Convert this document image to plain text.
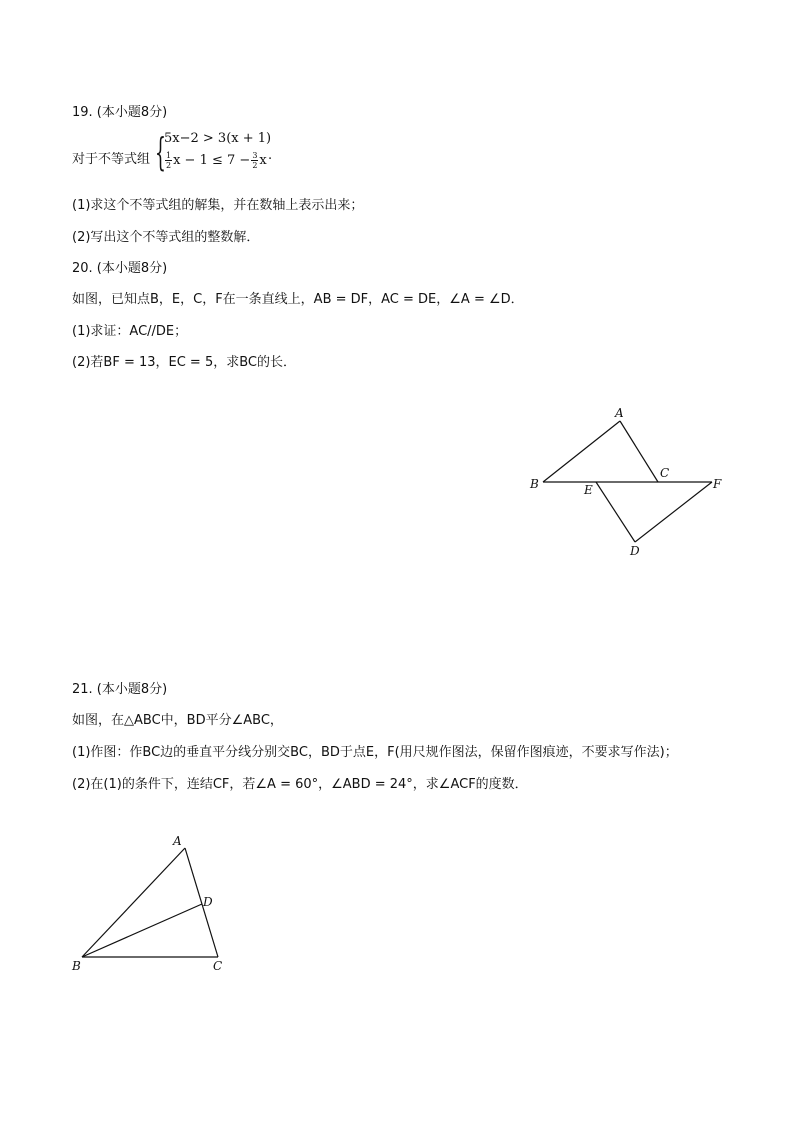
19. (本小题8分)
对于不等式组 {
5x−2 > 3(x + 1)
$\frac{1}{2}$ $x - 1 \le 7 - \frac{3}{2}$ x .
(1)求这个不等式组的解集，并在数轴上表示出来；
(2)写出这个不等式组的整数解．
20. (本小题8分)
如图，已知点B，E，C，F在一条直线上，AB = DF，AC = DE，∠A = ∠D．
(1)求证：AC//DE；
(2)若BF = 13，EC = 5，求BC的长．
A
B
C
E	F
D
21. (本小题8分)
如图，在△ABC中，BD平分∠ABC，
(1)作图：作BC边的垂直平分线分别交BC，BD于点E，F(用尺规作图法，保留作图痕迹，不要求写作法)；
(2)在(1)的条件下，连结CF，若∠A = 60°，∠ABD = 24°，求∠ACF的度数．
A
D
B	C
